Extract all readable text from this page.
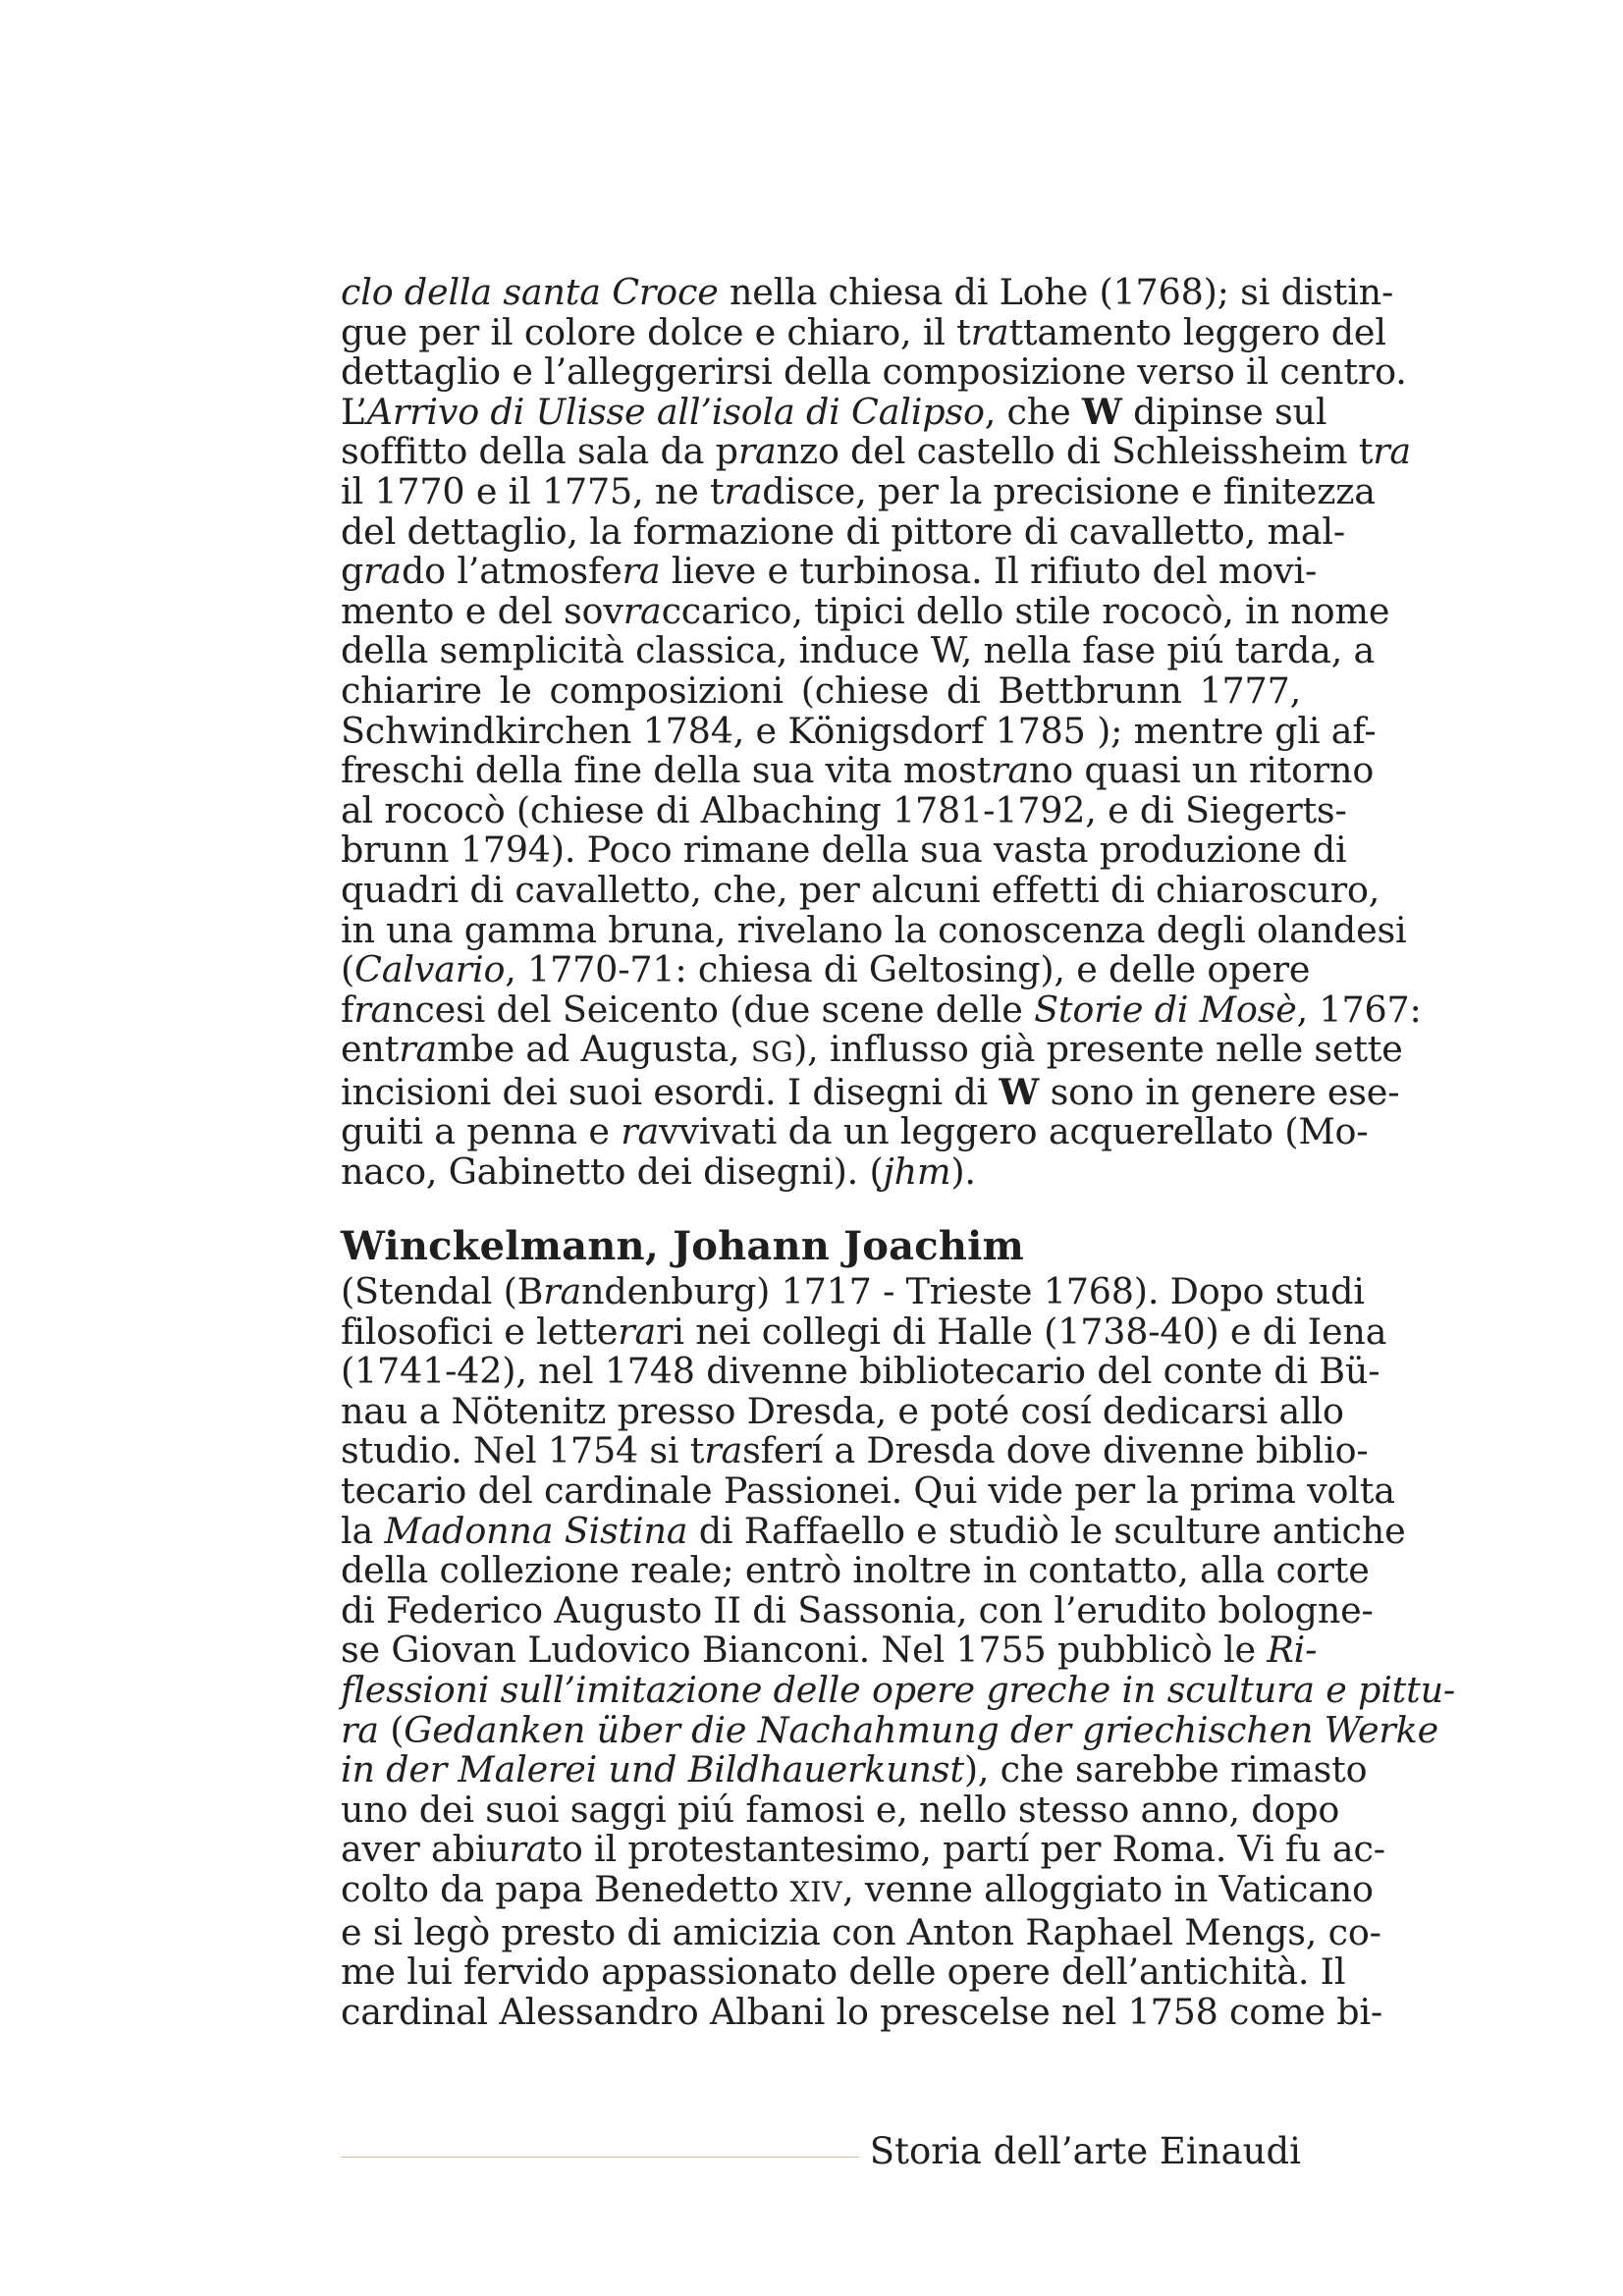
clo della santa Croce nella chiesa di Lohe (1768); si distin-
gue per il colore dolce e chiaro, il trattamento leggero del
dettaglio e l’alleggerirsi della composizione verso il centro.
L’Arrivo di Ulisse all’isola di Calipso, che W dipinse sul
soffitto della sala da pranzo del castello di Schleissheim tra
il 1770 e il 1775, ne tradisce, per la precisione e finitezza
del dettaglio, la formazione di pittore di cavalletto, mal-
grado l’atmosfera lieve e turbinosa. Il rifiuto del movi-
mento e del sovraccarico, tipici dello stile rococò, in nome
della semplicità classica, induce W, nella fase piú tarda, a
chiarire le composizioni (chiese di Bettbrunn 1777,
Schwindkirchen 1784, e Königsdorf 1785 ); mentre gli af-
freschi della fine della sua vita mostrano quasi un ritorno
al rococò (chiese di Albaching 1781-1792, e di Siegerts-
brunn 1794). Poco rimane della sua vasta produzione di
quadri di cavalletto, che, per alcuni effetti di chiaroscuro,
in una gamma bruna, rivelano la conoscenza degli olandesi
(Calvario, 1770-71: chiesa di Geltosing), e delle opere
francesi del Seicento (due scene delle Storie di Mosè, 1767:
entrambe ad Augusta, SG), influsso già presente nelle sette
incisioni dei suoi esordi. I disegni di W sono in genere ese-
guiti a penna e ravvivati da un leggero acquerellato (Mo-
naco, Gabinetto dei disegni). (jhm).
Winckelmann, Johann Joachim
(Stendal (Brandenburg) 1717 - Trieste 1768). Dopo studi
filosofici e letterari nei collegi di Halle (1738-40) e di Iena
(1741-42), nel 1748 divenne bibliotecario del conte di Bü-
nau a Nötenitz presso Dresda, e poté cosí dedicarsi allo
studio. Nel 1754 si trasferí a Dresda dove divenne biblio-
tecario del cardinale Passionei. Qui vide per la prima volta
la Madonna Sistina di Raffaello e studiò le sculture antiche
della collezione reale; entrò inoltre in contatto, alla corte
di Federico Augusto II di Sassonia, con l’erudito bologne-
se Giovan Ludovico Bianconi. Nel 1755 pubblicò le Ri-
flessioni sull’imitazione delle opere greche in scultura e pittu-
ra (Gedanken über die Nachahmung der griechischen Werke
in der Malerei und Bildhauerkunst), che sarebbe rimasto
uno dei suoi saggi piú famosi e, nello stesso anno, dopo
aver abiurato il protestantesimo, partí per Roma. Vi fu ac-
colto da papa Benedetto XIV, venne alloggiato in Vaticano
e si legò presto di amicizia con Anton Raphael Mengs, co-
me lui fervido appassionato delle opere dell’antichità. Il
cardinal Alessandro Albani lo prescelse nel 1758 come bi-
Storia dell’arte Einaudi
